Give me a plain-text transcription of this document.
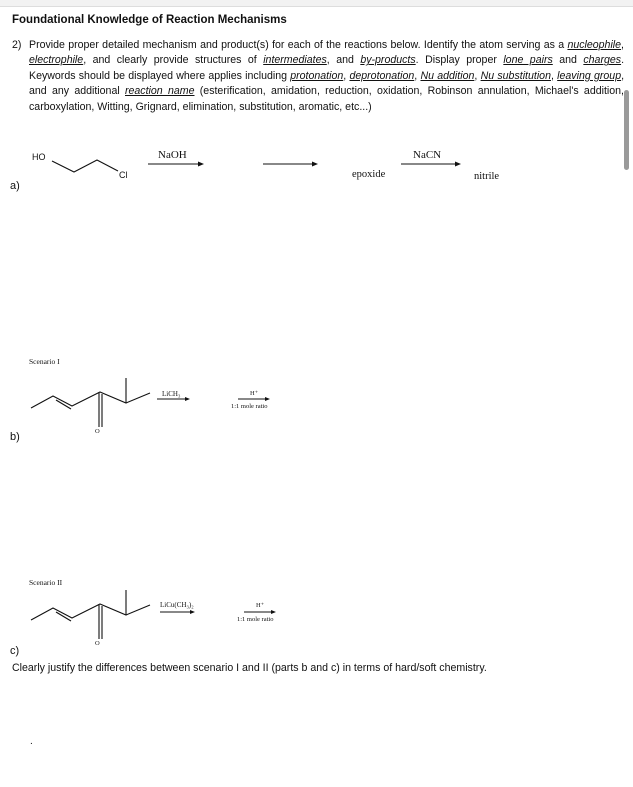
Foundational Knowledge of Reaction Mechanisms
2) Provide proper detailed mechanism and product(s) for each of the reactions below. Identify the atom serving as a nucleophile, electrophile, and clearly provide structures of intermediates, and by-products. Display proper lone pairs and charges. Keywords should be displayed where applies including protonation, deprotonation, Nu addition, Nu substitution, leaving group, and any additional reaction name (esterification, amidation, reduction, oxidation, Robinson annulation, Michael's addition, carboxylation, Witting, Grignard, elimination, substitution, aromatic, etc...)
a)
HO
Cl
NaOH
epoxide
NaCN
nitrile
Scenario I
O
LiCH₃	H⁺
1:1 mole ratio
b)
Scenario II
O
LiCu(CH₃)₂	H⁺
1:1 mole ratio
c)
Clearly justify the differences between scenario I and II (parts b and c) in terms of hard/soft chemistry.
.
